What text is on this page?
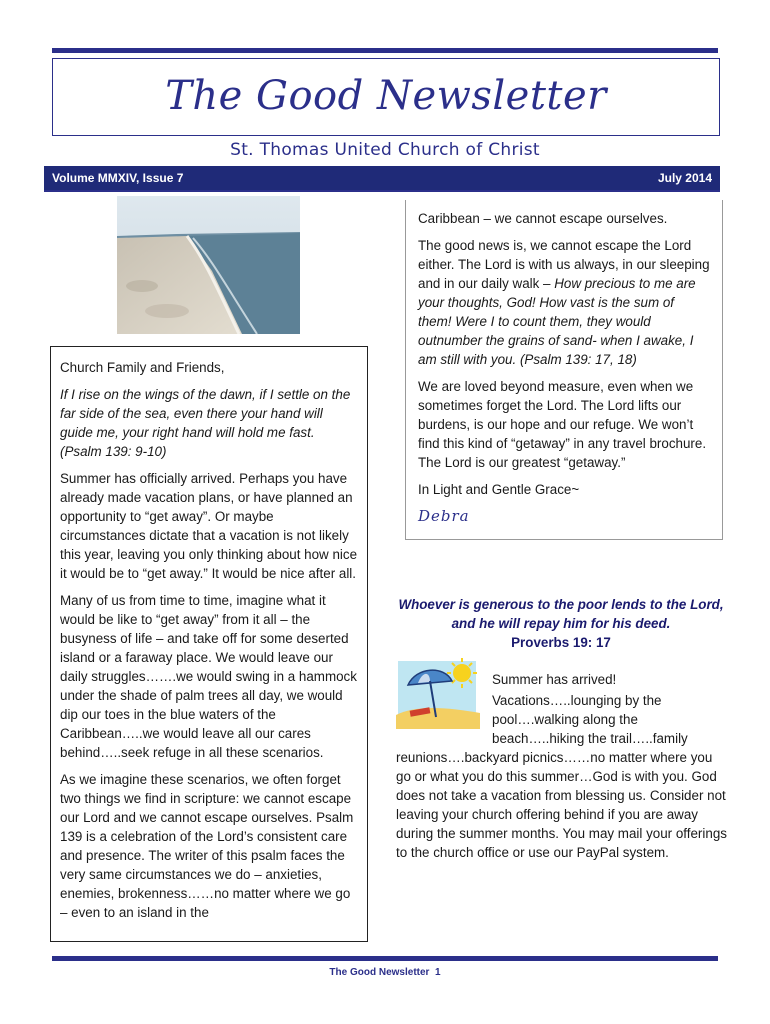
The Good Newsletter
St. Thomas United Church of Christ
Volume MMXIV, Issue 7	July 2014

Church Family and Friends,

If I rise on the wings of the dawn, if I settle on the far side of the sea, even there your hand will guide me, your right hand will hold me fast. (Psalm 139: 9-10)

Summer has officially arrived. Perhaps you have already made vacation plans, or have planned an opportunity to “get away”. Or maybe circumstances dictate that a vacation is not likely this year, leaving you only thinking about how nice it would be to “get away.” It would be nice after all.

Many of us from time to time, imagine what it would be like to “get away” from it all – the busyness of life – and take off for some deserted island or a faraway place. We would leave our daily struggles…….we would swing in a hammock under the shade of palm trees all day, we would dip our toes in the blue waters of the Caribbean…..we would leave all our cares behind…..seek refuge in all these scenarios.

As we imagine these scenarios, we often forget two things we find in scripture: we cannot escape our Lord and we cannot escape ourselves. Psalm 139 is a celebration of the Lord’s consistent care and presence. The writer of this psalm faces the very same circumstances we do – anxieties, enemies, brokenness……no matter where we go – even to an island in the

Caribbean – we cannot escape ourselves.

The good news is, we cannot escape the Lord either. The Lord is with us always, in our sleeping and in our daily walk – How precious to me are your thoughts, God! How vast is the sum of them! Were I to count them, they would outnumber the grains of sand- when I awake, I am still with you. (Psalm 139: 17, 18)

We are loved beyond measure, even when we sometimes forget the Lord. The Lord lifts our burdens, is our hope and our refuge. We won’t find this kind of “getaway” in any travel brochure. The Lord is our greatest “getaway.”

In Light and Gentle Grace~

Debra

Whoever is generous to the poor lends to the Lord,
and he will repay him for his deed.
Proverbs 19: 17
Summer has arrived!
Vacations…..lounging by the
pool….walking along the
beach…..hiking the trail…..family
reunions….backyard picnics……no matter where you go or what you do this summer…God is with you. God does not take a vacation from blessing us. Consider not leaving your church offering behind if you are away during the summer months. You may mail your offerings to the church office or use our PayPal system.
The Good Newsletter  1
